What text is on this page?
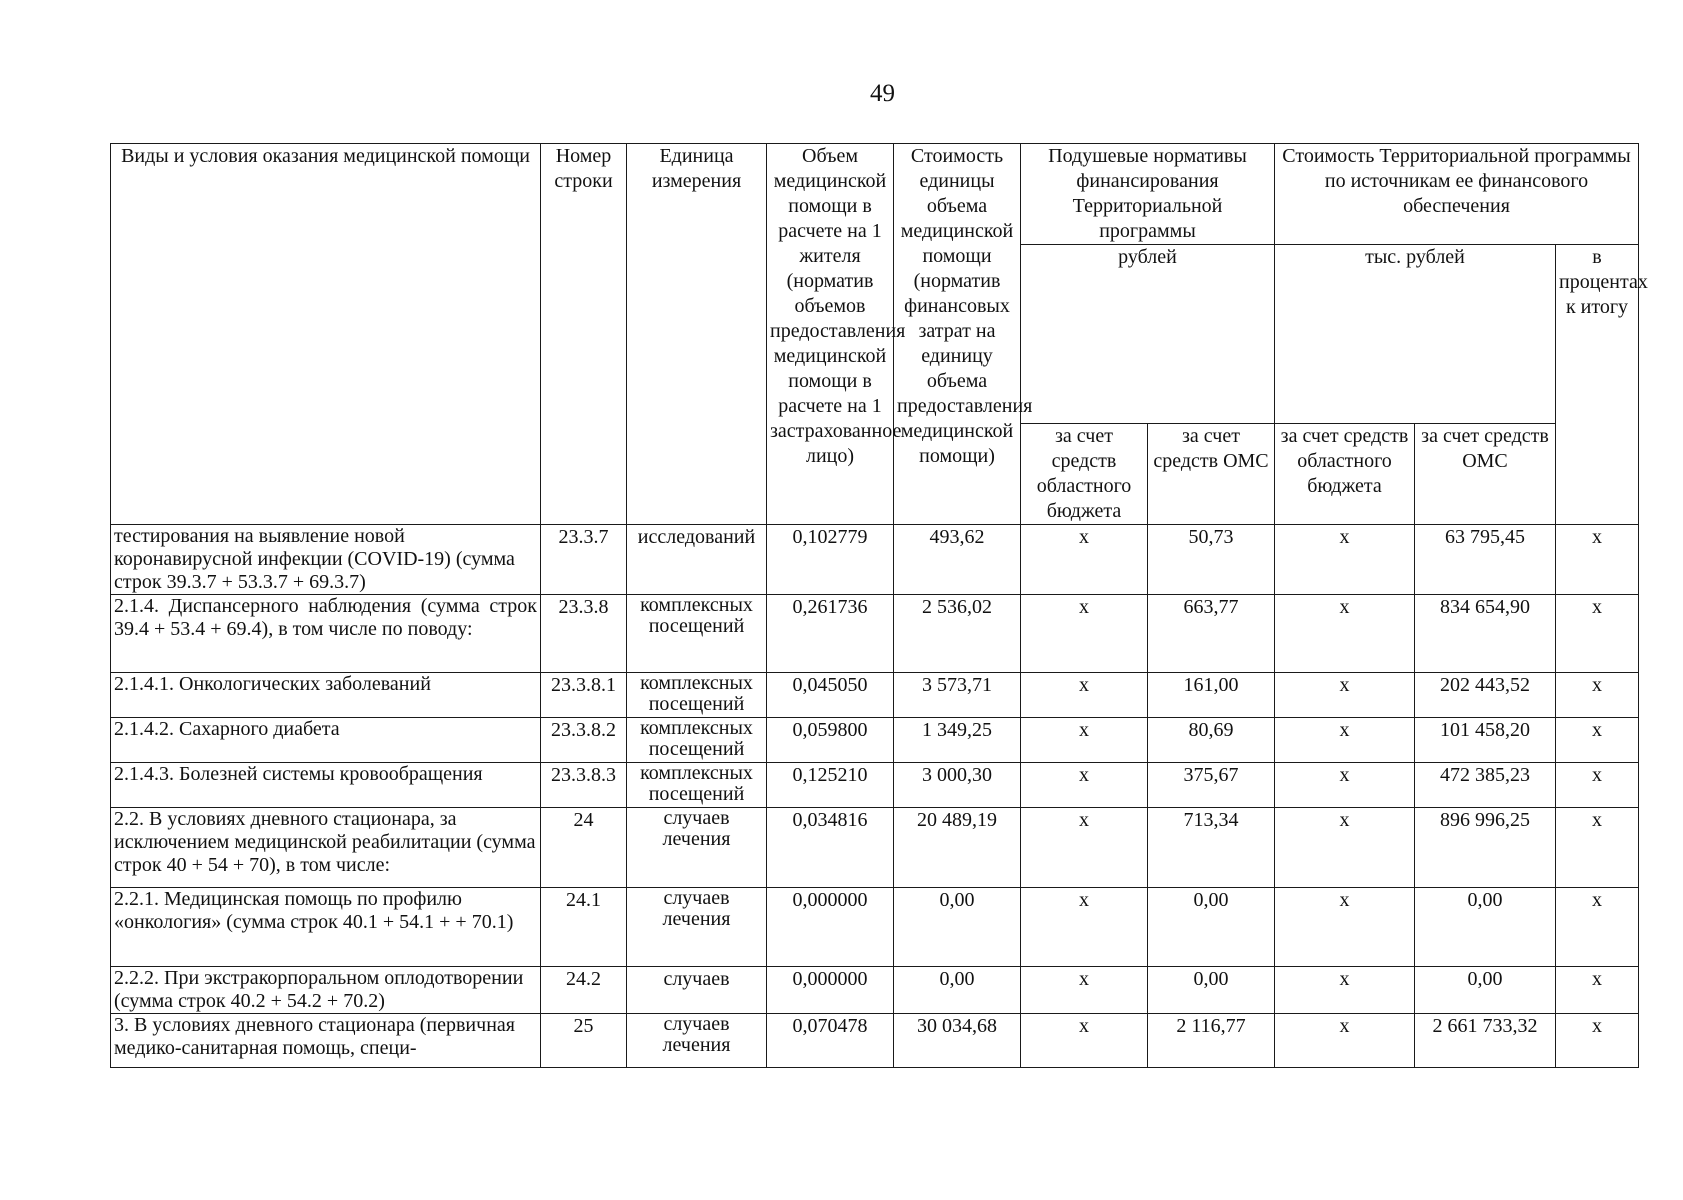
49
Виды и условия оказания медицинской помощи	Номер строки	Единица измерения	Объем медицинской помощи в расчете на 1 жителя (норматив объемов предоставления медицинской помощи в расчете на 1 застрахованное лицо)	Стоимость единицы объема медицинской помощи (норматив финансовых затрат на единицу объема предоставления медицинской помощи)	Подушевые нормативы финансирования Территориальной программы		Стоимость Территориальной программы по источникам ее финансового обеспечения		
					рублей		тыс. рублей		в процентах к итогу
					за счет средств областного бюджета	за счет средств ОМС	за счет средств областного бюджета	за счет средств ОМС	
тестирования на выявление новой коронавирусной инфекции (COVID-19) (сумма строк 39.3.7 + 53.3.7 + 69.3.7)	23.3.7	исследований	0,102779	493,62	х	50,73	х	63 795,45	х
2.1.4. Диспансерного наблюдения (сумма строк 39.4 + 53.4 + 69.4), в том числе по поводу:	23.3.8	комплексных посещений	0,261736	2 536,02	х	663,77	х	834 654,90	х
2.1.4.1. Онкологических заболеваний	23.3.8.1	комплексных посещений	0,045050	3 573,71	х	161,00	х	202 443,52	х
2.1.4.2. Сахарного диабета	23.3.8.2	комплексных посещений	0,059800	1 349,25	х	80,69	х	101 458,20	х
2.1.4.3. Болезней системы кровообращения	23.3.8.3	комплексных посещений	0,125210	3 000,30	х	375,67	х	472 385,23	х
2.2. В условиях дневного стационара, за исключением медицинской реабилитации (сумма строк 40 + 54 + 70), в том числе:	24	случаев лечения	0,034816	20 489,19	х	713,34	х	896 996,25	х
2.2.1. Медицинская помощь по профилю «онкология» (сумма строк 40.1 + 54.1 + + 70.1)	24.1	случаев лечения	0,000000	0,00	х	0,00	х	0,00	х
2.2.2. При экстракорпоральном оплодотворении (сумма строк 40.2 + 54.2 + 70.2)	24.2	случаев	0,000000	0,00	х	0,00	х	0,00	х
3. В условиях дневного стационара (первичная медико-санитарная помощь, специ-	25	случаев лечения	0,070478	30 034,68	х	2 116,77	х	2 661 733,32	х
